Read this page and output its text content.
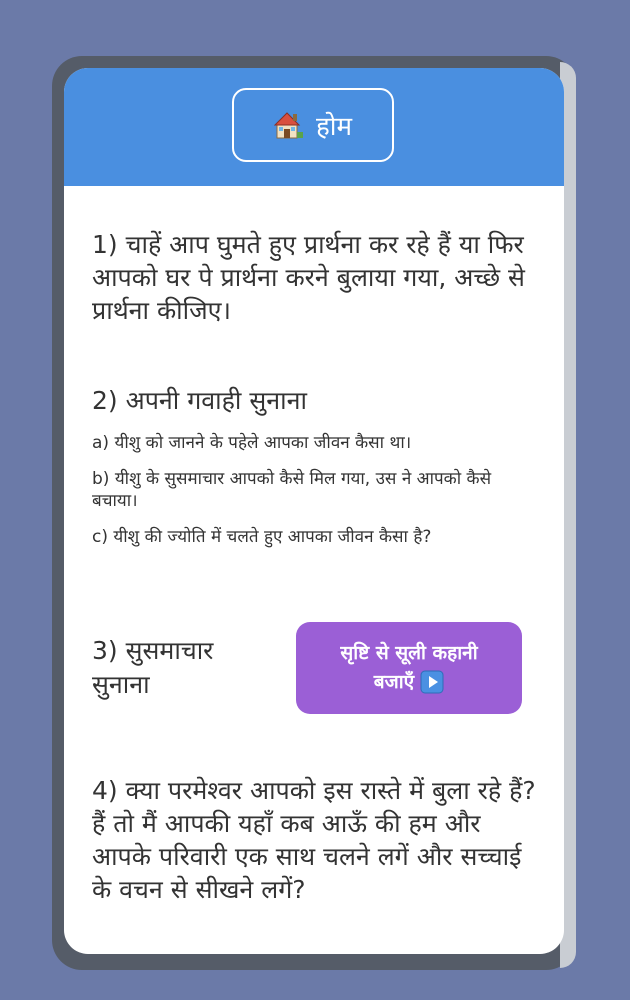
होम
1) चाहें आप घुमते हुए प्रार्थना कर रहे हैं या फिर आपको घर पे प्रार्थना करने बुलाया गया, अच्छे से प्रार्थना कीजिए।
2) अपनी गवाही सुनाना
a) यीशु को जानने के पहेले आपका जीवन कैसा था।
b) यीशु के सुसमाचार आपको कैसे मिल गया, उस ने आपको कैसे बचाया।
c) यीशु की ज्योति में चलते हुए आपका जीवन कैसा है?
3) सुसमाचार सुनाना
सृष्टि से सूली कहानी
बजाएँ
4) क्या परमेश्वर आपको इस रास्ते में बुला रहे हैं? हैं तो मैं आपकी यहाँ कब आऊँ की हम और आपके परिवारी एक साथ चलने लगें और सच्चाई के वचन से सीखने लगें?
